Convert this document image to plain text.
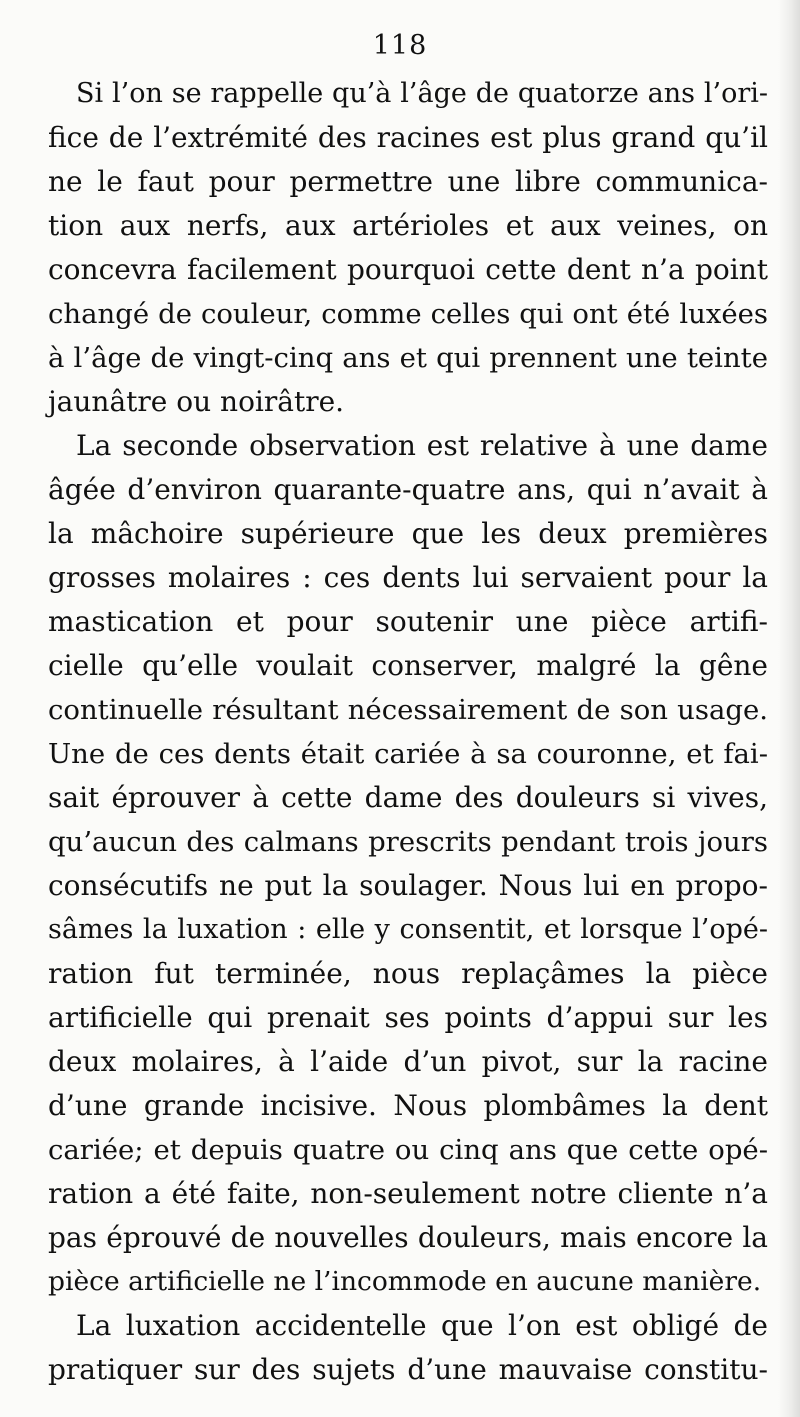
118
Si l’on se rappelle qu’à l’âge de quatorze ans l’ori-
fice de l’extrémité des racines est plus grand qu’il
ne le faut pour permettre une libre communica-
tion aux nerfs, aux artérioles et aux veines, on
concevra facilement pourquoi cette dent n’a point
changé de couleur, comme celles qui ont été luxées
à l’âge de vingt-cinq ans et qui prennent une teinte
jaunâtre ou noirâtre.
La seconde observation est relative à une dame
âgée d’environ quarante-quatre ans, qui n’avait à
la mâchoire supérieure que les deux premières
grosses molaires : ces dents lui servaient pour la
mastication et pour soutenir une pièce artifi-
cielle qu’elle voulait conserver, malgré la gêne
continuelle résultant nécessairement de son usage.
Une de ces dents était cariée à sa couronne, et fai-
sait éprouver à cette dame des douleurs si vives,
qu’aucun des calmans prescrits pendant trois jours
consécutifs ne put la soulager. Nous lui en propo-
sâmes la luxation : elle y consentit, et lorsque l’opé-
ration fut terminée, nous replaçâmes la pièce
artificielle qui prenait ses points d’appui sur les
deux molaires, à l’aide d’un pivot, sur la racine
d’une grande incisive. Nous plombâmes la dent
cariée; et depuis quatre ou cinq ans que cette opé-
ration a été faite, non-seulement notre cliente n’a
pas éprouvé de nouvelles douleurs, mais encore la
pièce artificielle ne l’incommode en aucune manière.
La luxation accidentelle que l’on est obligé de
pratiquer sur des sujets d’une mauvaise constitu-
